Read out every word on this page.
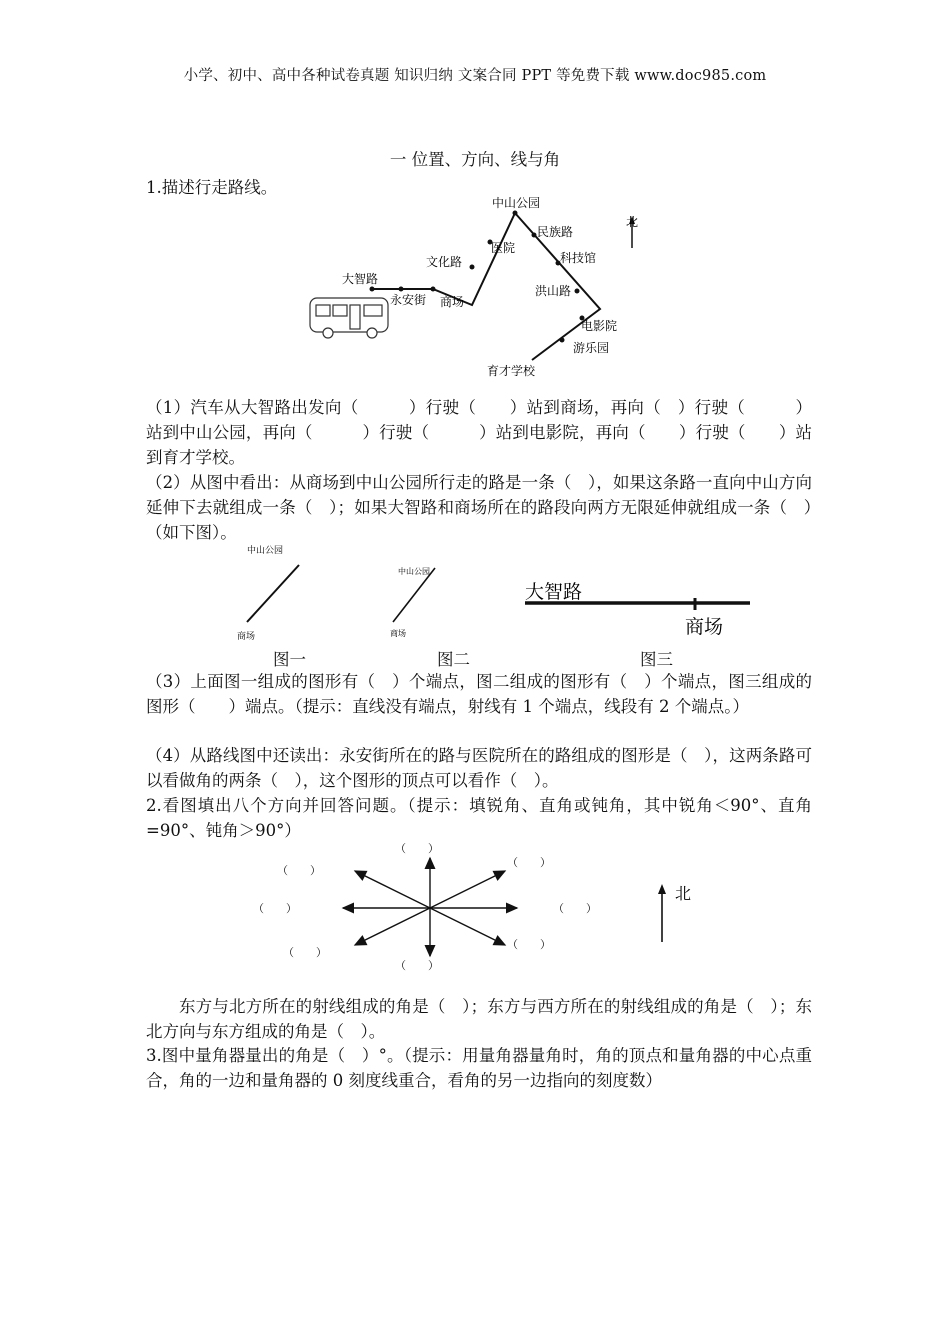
小学、初中、高中各种试卷真题 知识归纳 文案合同 PPT 等免费下载 www.doc985.com
一 位置、方向、线与角
1.描述行走路线。
中山公园
民族路
医院
文化路	科技馆
大智路
永安街 商场
洪山路
电影院
游乐园
育才学校
北
（1）汽车从大智路出发向（　　　）行驶（　　）站到商场，再向（　）行驶（　　　）站到中山公园，再向（　　　）行驶（　　　）站到电影院，再向（　　）行驶（　　）站到育才学校。
（2）从图中看出：从商场到中山公园所行走的路是一条（　），如果这条路一直向中山方向延伸下去就组成一条（　）；如果大智路和商场所在的路段向两方无限延伸就组成一条（　）（如下图）。
中山公园
商场
中山公园
商场
大智路
商场
图一	图二	图三
（3）上面图一组成的图形有（　）个端点，图二组成的图形有（　）个端点，图三组成的图形（　　）端点。（提示：直线没有端点，射线有 1 个端点，线段有 2 个端点。）
（4）从路线图中还读出：永安街所在的路与医院所在的路组成的图形是（　），这两条路可以看做角的两条（　），这个图形的顶点可以看作（　）。
2.看图填出八个方向并回答问题。（提示：填锐角、直角或钝角，其中锐角＜90°、直角=90°、钝角＞90°）
北
（　　）
（　　）
（　　）	（　　）
（　　）
（　　）
（　　）
（　　）
东方与北方所在的射线组成的角是（　）；东方与西方所在的射线组成的角是（　）；东北方向与东方组成的角是（　）。
3.图中量角器量出的角是（　）°。（提示：用量角器量角时，角的顶点和量角器的中心点重合，角的一边和量角器的 0 刻度线重合，看角的另一边指向的刻度数）
